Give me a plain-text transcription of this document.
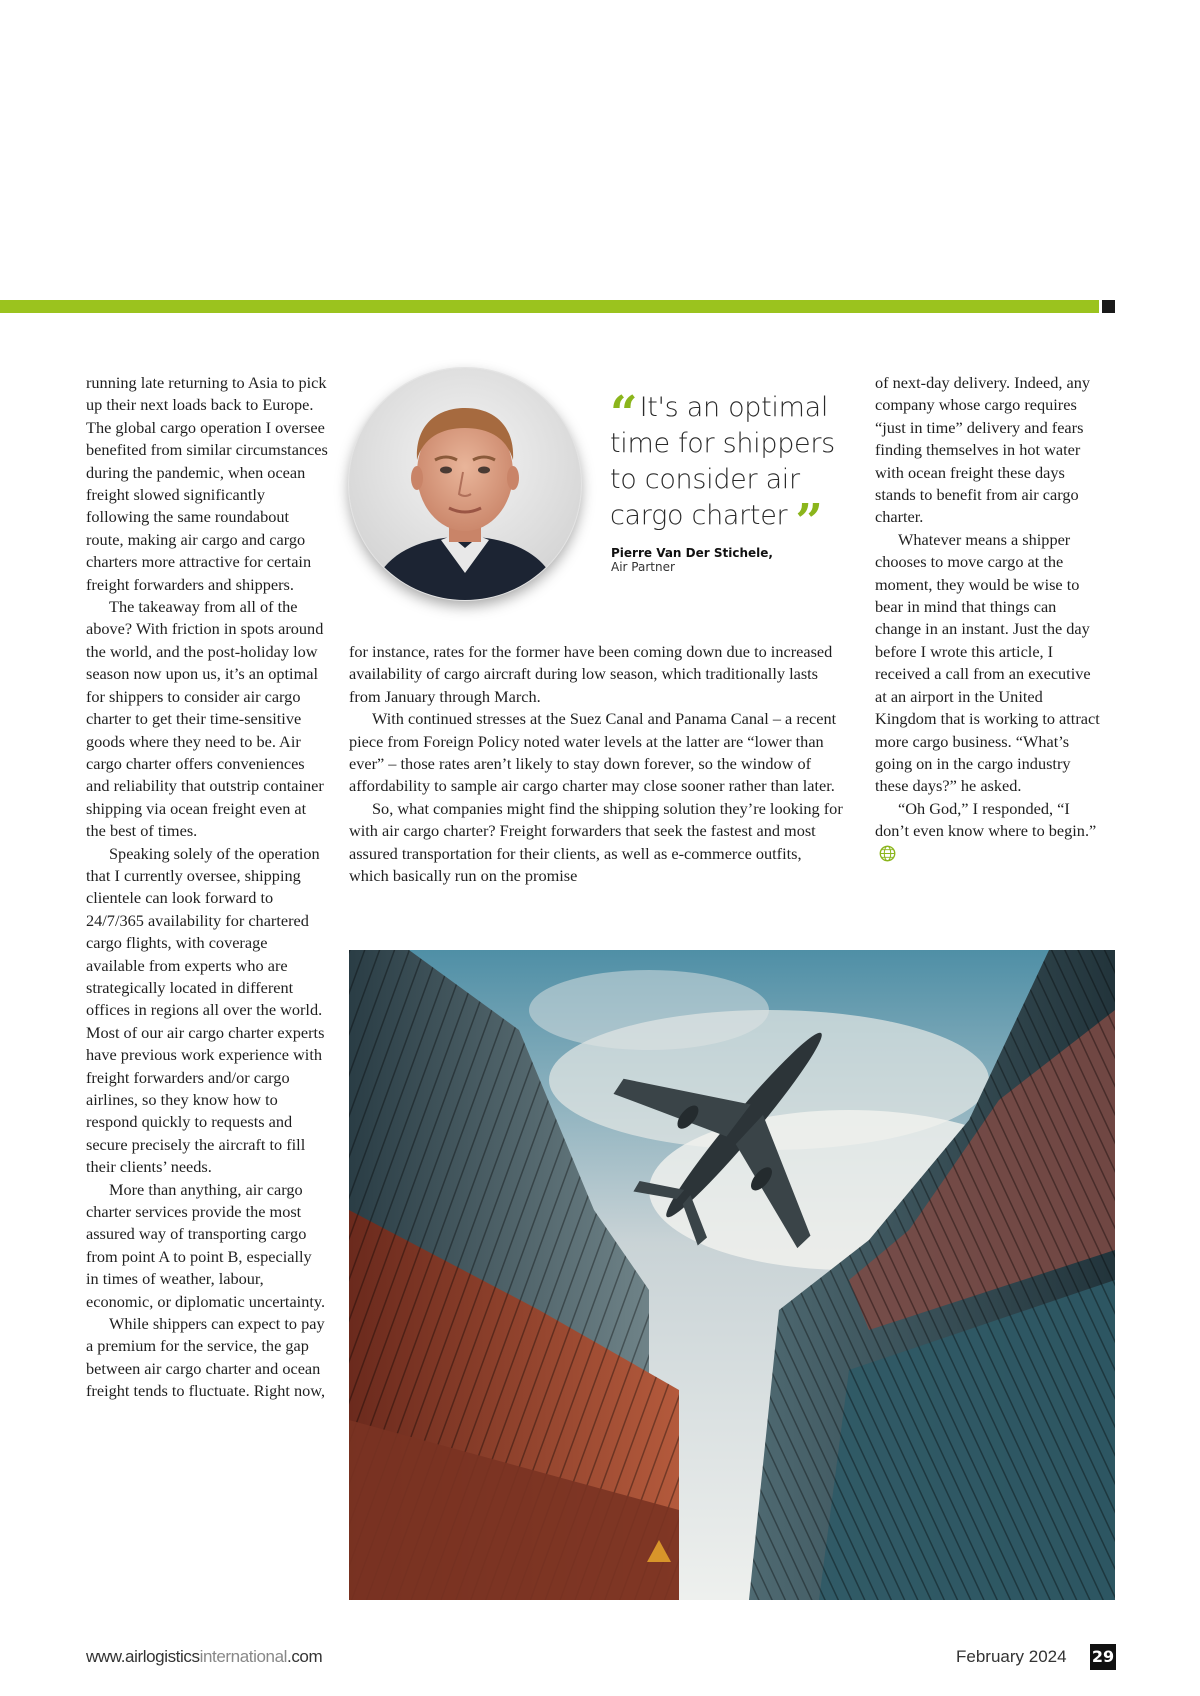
running late returning to Asia to pick up their next loads back to Europe. The global cargo operation I oversee benefited from similar circumstances during the pandemic, when ocean freight slowed significantly following the same roundabout route, making air cargo and cargo charters more attractive for certain freight forwarders and shippers.

The takeaway from all of the above? With friction in spots around the world, and the post-holiday low season now upon us, it’s an optimal for shippers to consider air cargo charter to get their time-sensitive goods where they need to be. Air cargo charter offers conveniences and reliability that outstrip container shipping via ocean freight even at the best of times.

Speaking solely of the operation that I currently oversee, shipping clientele can look forward to 24/7/365 availability for chartered cargo flights, with coverage available from experts who are strategically located in different offices in regions all over the world. Most of our air cargo charter experts have previous work experience with freight forwarders and/or cargo airlines, so they know how to respond quickly to requests and secure precisely the aircraft to fill their clients’ needs.

More than anything, air cargo charter services provide the most assured way of transporting cargo from point A to point B, especially in times of weather, labour, economic, or diplomatic uncertainty.

While shippers can expect to pay a premium for the service, the gap between air cargo charter and ocean freight tends to fluctuate. Right now,

“ It's an optimal time for shippers to consider air cargo charter ”
Pierre Van Der Stichele,
Air Partner

for instance, rates for the former have been coming down due to increased availability of cargo aircraft during low season, which traditionally lasts from January through March.

With continued stresses at the Suez Canal and Panama Canal – a recent piece from Foreign Policy noted water levels at the latter are “lower than ever” – those rates aren’t likely to stay down forever, so the window of affordability to sample air cargo charter may close sooner rather than later.

So, what companies might find the shipping solution they’re looking for with air cargo charter? Freight forwarders that seek the fastest and most assured transportation for their clients, as well as e-commerce outfits, which basically run on the promise

of next-day delivery. Indeed, any company whose cargo requires “just in time” delivery and fears finding themselves in hot water with ocean freight these days stands to benefit from air cargo charter.

Whatever means a shipper chooses to move cargo at the moment, they would be wise to bear in mind that things can change in an instant. Just the day before I wrote this article, I received a call from an executive at an airport in the United Kingdom that is working to attract more cargo business. “What’s going on in the cargo industry these days?” he asked.

“Oh God,” I responded, “I don’t even know where to begin.”

www.airlogisticsinternational.com	February 2024 29
